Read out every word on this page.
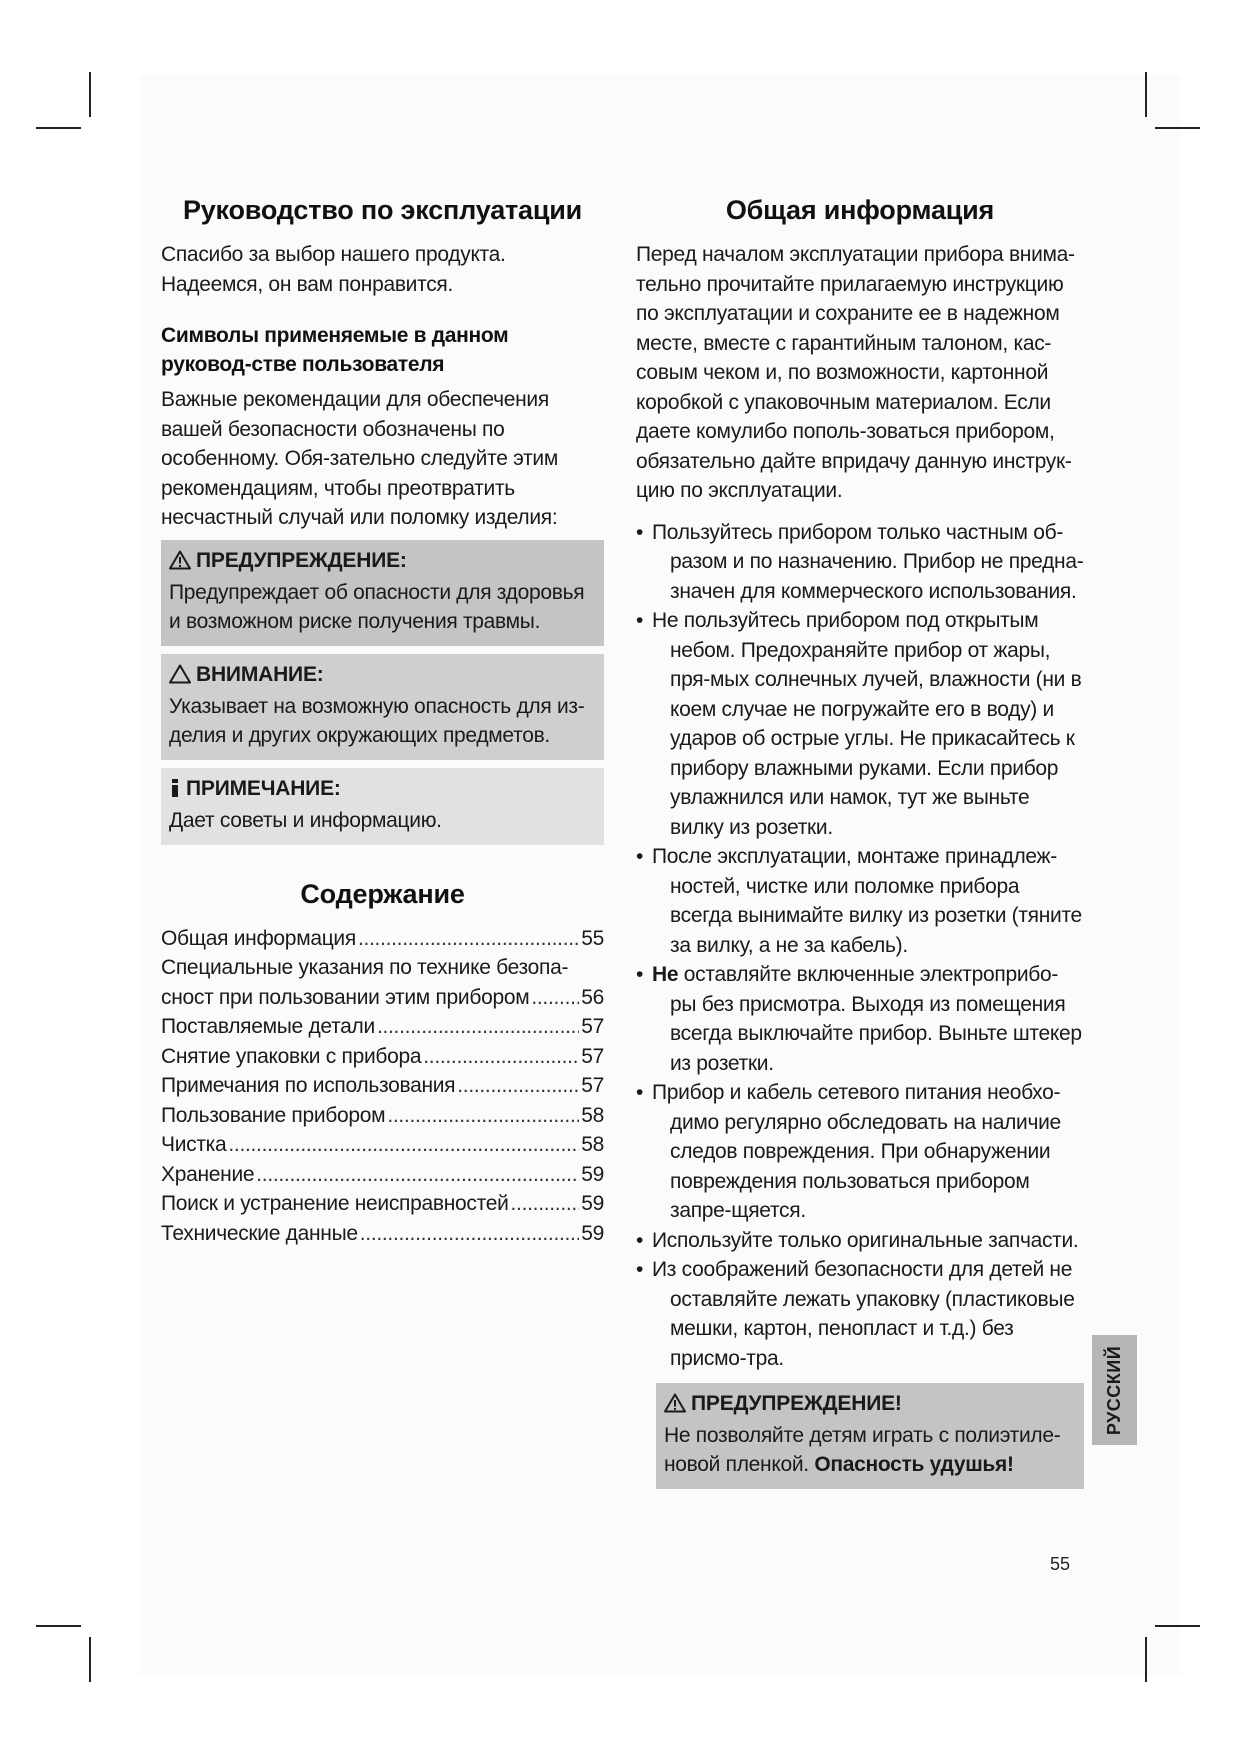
Руководство по эксплуатации

Спасибо за выбор нашего продукта. Надеемся, он вам понравится.

Символы применяемые в данном руковод-стве пользователя

Важные рекомендации для обеспечения вашей безопасности обозначены по особенному. Обя-зательно следуйте этим рекомендациям, чтобы преотвратить несчастный случай или поломку изделия:

ПРЕДУПРЕЖДЕНИЕ:
Предупреждает об опасности для здоровья и возможном риске получения травмы.
ВНИМАНИЕ:
Указывает на возможную опасность для из-делия и других окружающих предметов.
ПРИМЕЧАНИЕ:
Дает советы и информацию.
Содержание
Общая информация .....	55
Специальные указания по технике безопа-
сност при пользовании этим прибором ..... 56
Поставляемые детали .....	57
Снятие упаковки с прибора .....	57
Примечания по использования .....	57
Пользование прибором .....	58
Чистка .....	58
Хранение .....	59
Поиск и устранение неисправностей .....	59
Технические данные .....	59
Общая информация

Перед началом эксплуатации прибора внима-тельно прочитайте прилагаемую инструкцию по эксплуатации и сохраните ее в надежном месте, вместе с гарантийным талоном, кас-совым чеком и, по возможности, картонной коробкой с упаковочным материалом. Если даете комулибо пополь-зоваться прибором, обязательно дайте впридачу данную инструк-цию по эксплуатации.

• Пользуйтесь прибором только частным об-разом и по назначению. Прибор не предна-значен для коммерческого использования.
• Не пользуйтесь прибором под открытым небом. Предохраняйте прибор от жары, пря-мых солнечных лучей, влажности (ни в коем случае не погружайте его в воду) и ударов об острые углы. Не прикасайтесь к прибору влажными руками. Если прибор увлажнился или намок, тут же выньте вилку из розетки.
• После эксплуатации, монтаже принадлеж-ностей, чистке или поломке прибора всегда вынимайте вилку из розетки (тяните за вилку, а не за кабель).
• Не оставляйте включенные электроприбо-ры без присмотра. Выходя из помещения всегда выключайте прибор. Выньте штекер из розетки.
• Прибор и кабель сетевого питания необхо-димо регулярно обследовать на наличие следов повреждения. При обнаружении повреждения пользоваться прибором запре-щяется.
• Используйте только оригинальные запчасти.
• Из соображений безопасности для детей не оставляйте лежать упаковку (пластиковые мешки, картон, пенопласт и т.д.) без присмо-тра.
ПРЕДУПРЕЖДЕНИЕ!
Не позволяйте детям играть с полиэтиле-новой пленкой. Опасность удушья!
РУССКИЙ
55
